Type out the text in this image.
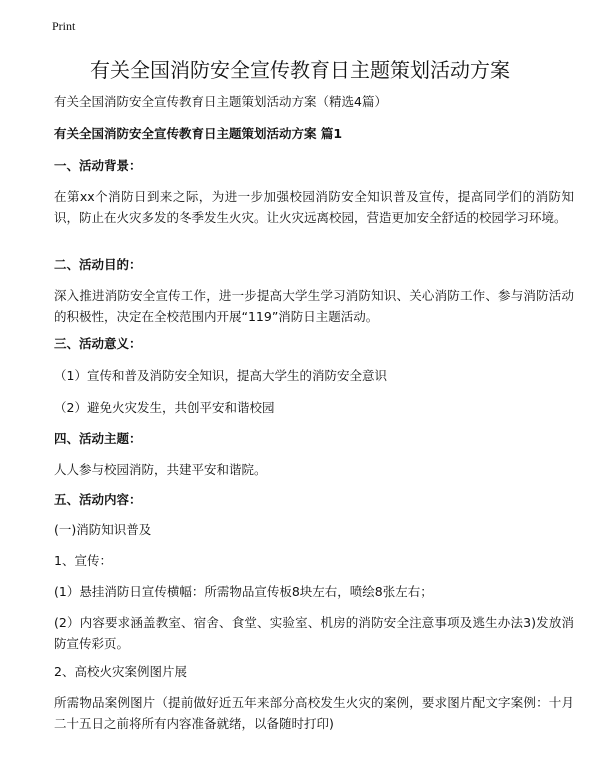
Print
有关全国消防安全宣传教育日主题策划活动方案

有关全国消防安全宣传教育日主题策划活动方案（精选4篇）

有关全国消防安全宣传教育日主题策划活动方案 篇1

一、活动背景：

在第xx个消防日到来之际，为进一步加强校园消防安全知识普及宣传，提高同学们的消防知识，防止在火灾多发的冬季发生火灾。让火灾远离校园，营造更加安全舒适的校园学习环境。

二、活动目的：

深入推进消防安全宣传工作，进一步提高大学生学习消防知识、关心消防工作、参与消防活动的积极性，决定在全校范围内开展“119”消防日主题活动。

三、活动意义：

（1）宣传和普及消防安全知识，提高大学生的消防安全意识

（2）避免火灾发生，共创平安和谐校园

四、活动主题：

人人参与校园消防，共建平安和谐院。

五、活动内容：

(一)消防知识普及

1、宣传：

(1）悬挂消防日宣传横幅：所需物品宣传板8块左右，喷绘8张左右；

(2）内容要求涵盖教室、宿舍、食堂、实验室、机房的消防安全注意事项及逃生办法3)发放消防宣传彩页。

2、高校火灾案例图片展

所需物品案例图片（提前做好近五年来部分高校发生火灾的案例，要求图片配文字案例：十月二十五日之前将所有内容准备就绪，以备随时打印)
